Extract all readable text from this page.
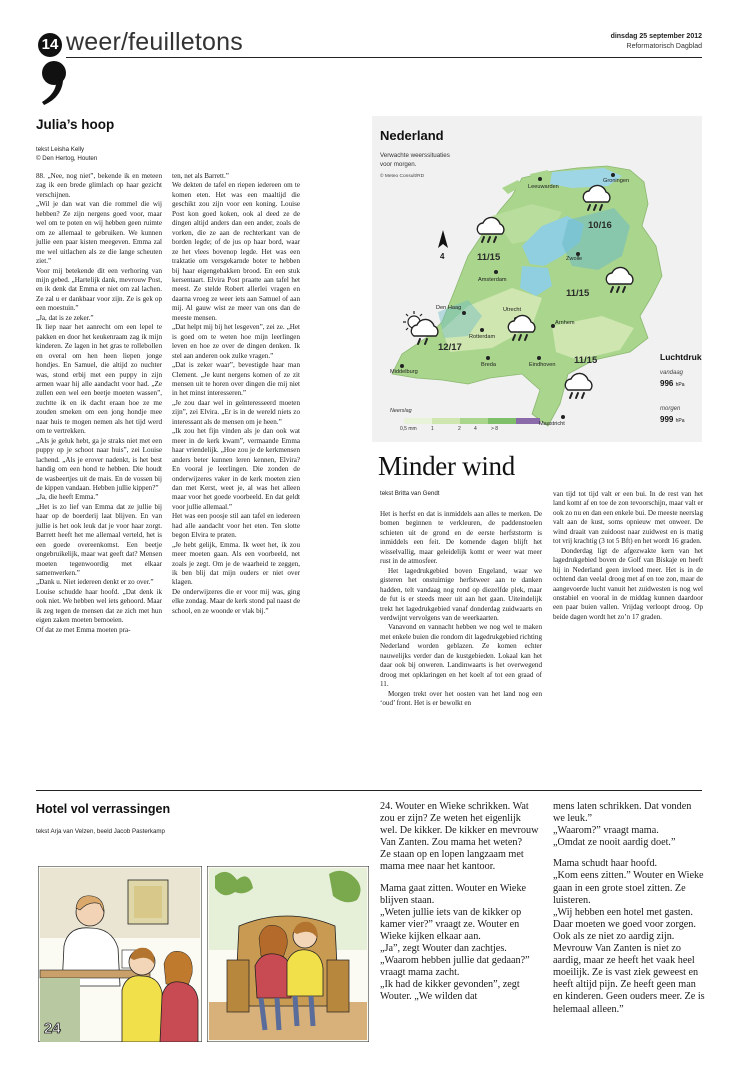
14 weer/feuilletons	dinsdag 25 september 2012
Reformatorisch Dagblad
Julia’s hoop
tekst Leisha Kelly
© Den Hertog, Houten

88. „Nee, nog niet”, bekende ik en meteen zag ik een brede glimlach op haar gezicht verschijnen.

„Wil je dan wat van die rommel die wij hebben? Ze zijn nergens goed voor, maar wel om te poten en wij hebben geen ruimte om ze allemaal te gebruiken. We kunnen jullie een paar kisten meegeven. Emma zal me wel uitlachen als ze die lange scheuten ziet.”

Voor mij betekende dit een verhoring van mijn gebed. „Hartelijk dank, mevrouw Post, en ik denk dat Emma er niet om zal lachen. Ze zal u er dankbaar voor zijn. Ze is gek op een moestuin.”

„Ja, dat is ze zeker.”

Ik liep naar het aanrecht om een lepel te pakken en door het keukenraam zag ik mijn kinderen. Ze lagen in het gras te rollebollen en overal om hen heen liepen jonge hondjes. En Samuel, die altijd zo nuchter was, stond erbij met een puppy in zijn armen waar hij alle aandacht voor had. „Ze zullen een wel een beetje moeten wassen”, zuchtte ik en ik dacht eraan hoe ze me zouden smeken om een jong hondje mee naar huis te mogen nemen als het tijd werd om te vertrekken.

„Als je geluk hebt, ga je straks niet met een puppy op je schoot naar huis”, zei Louise lachend. „Als je erover nadenkt, is het best handig om een hond te hebben. Die houdt de wasbeertjes uit de mais. En de vossen bij de kippen vandaan. Hebben jullie kippen?”

„Ja, die heeft Emma.”

„Het is zo lief van Emma dat ze jullie bij haar op de boerderij laat blijven. En van jullie is het ook leuk dat je voor haar zorgt. Barrett heeft het me allemaal verteld, het is een goede overeenkomst. Een beetje ongebruikelijk, maar wat geeft dat? Mensen moeten tegenwoordig met elkaar samenwerken.”

„Dank u. Niet iedereen denkt er zo over.”

Louise schudde haar hoofd. „Dat denk ik ook niet. We hebben wel iets gehoord. Maar ik zeg tegen de mensen dat ze zich met hun eigen zaken moeten bemoeien.

Of dat ze met Emma moeten pra-

ten, net als Barrett.”

We dekten de tafel en riepen iedereen om te komen eten. Het was een maaltijd die geschikt zou zijn voor een koning. Louise Post kon goed koken, ook al deed ze de dingen altijd anders dan een ander, zoals de vorken, die ze aan de rechterkant van de borden legde; of de jus op haar bord, waar ze het vlees bovenop legde. Het was een traktatie om versgekarnde boter te hebben bij haar eigengebakken brood. En een stuk kersentaart. Elvira Post praatte aan tafel het meest. Ze stelde Robert allerlei vragen en daarna vroeg ze weer iets aan Samuel of aan mij. Al gauw wist ze meer van ons dan de meeste mensen.

„Dat helpt mij bij het lesgeven”, zei ze. „Het is goed om te weten hoe mijn leerlingen leven en hoe ze over de dingen denken. Ik stel aan anderen ook zulke vragen.”

„Dat is zeker waar”, bevestigde haar man Clement. „Je kunt nergens komen of ze zit mensen uit te horen over dingen die mij niet in het minst interesseren.”

„Je zou daar wel in geïnteresseerd moeten zijn”, zei Elvira. „Er is in de wereld niets zo interessant als de mensen om je heen.”

„Ik zou het fijn vinden als je dan ook wat meer in de kerk kwam”, vermaande Emma haar vriendelijk. „Hoe zou je de kerkmensen anders beter kunnen leren kennen, Elvira? En vooral je leerlingen. Die zonden de onderwijzeres vaker in de kerk moeten zien dan met Kerst, weet je, al was het alleen maar voor het goede voorbeeld. En dat geldt voor jullie allemaal.”

Het was een poosje stil aan tafel en iedereen had alle aandacht voor het eten. Ten slotte begon Elvira te praten.

„Je hebt gelijk, Emma. Ik weet het, ik zou meer moeten gaan. Als een voorbeeld, net zoals je zegt. Om je de waarheid te zeggen, ik ben blij dat mijn ouders er niet over klagen.

De onderwijzeres die er voor mij was, ging elke zondag. Maar de kerk stond pal naast de school, en ze woonde er vlak bij.”

Nederland
Verwachte weerssituaties
voor morgen.
© Meteo Consult/RD
4
Leeuwarden
Groningen
Zwolle
Amsterdam
Den Haag	Utrecht
Rotterdam
Arnhem
Breda	Eindhoven
Middelburg
Maastricht
10/16
11/15
11/15
12/17
11/15
Neerslag
0,5 mm	1	2	4	> 8
Luchtdruk
vandaag
996 hPa
morgen
999 hPa
Minder wind
tekst Britta van Gendt

Het is herfst en dat is inmiddels aan alles te merken. De bomen beginnen te verkleuren, de paddenstoelen schieten uit de grond en de eerste herfststorm is inmiddels een feit. De komende dagen blijft het wisselvallig, maar geleidelijk komt er weer wat meer rust in de atmosfeer.

Het lagedrukgebied boven Engeland, waar we gisteren het onstuimige herfstweer aan te danken hadden, telt vandaag nog rond op diezelfde plek, maar de fut is er steeds meer uit aan het gaan. Uiteindelijk trekt het lagedrukgebied vanaf donderdag zuidwaarts en verdwijnt vervolgens van de weerkaarten.

Vanavond en vannacht hebben we nog wel te maken met enkele buien die rondom dit lagedrukgebied richting Nederland worden geblazen. Ze komen echter nauwelijks verder dan de kustgebieden. Lokaal kan het daar ook bij onweren. Landinwaarts is het overwegend droog met opklaringen en het koelt af tot een graad of 11.

Morgen trekt over het oosten van het land nog een ‘oud’ front. Het is er bewolkt en

van tijd tot tijd valt er een bui. In de rest van het land komt af en toe de zon tevoorschijn, maar valt er ook zo nu en dan een enkele bui. De meeste neerslag valt aan de kust, soms opnieuw met onweer. De wind draait van zuidoost naar zuidwest en is matig tot vrij krachtig (3 tot 5 Bft) en het wordt 16 graden.

Donderdag ligt de afgezwakte kern van het lagedrukgebied boven de Golf van Biskaje en heeft hij in Nederland geen invloed meer. Het is in de ochtend dan veelal droog met af en toe zon, maar de aangevoerde lucht vanuit het zuidwesten is nog wel onstabiel en vooral in de middag kunnen daardoor een paar buien vallen. Vrijdag verloopt droog. Op beide dagen wordt het zo’n 17 graden.

Hotel vol verrassingen
tekst Arja van Velzen, beeld Jacob Pasterkamp
24

24. Wouter en Wieke schrikken. Wat zou er zijn? Ze weten het eigenlijk wel. De kikker. De kikker en mevrouw Van Zanten. Zou mama het weten?

Ze staan op en lopen langzaam met mama mee naar het kantoor.

Mama gaat zitten. Wouter en Wieke blijven staan.

„Weten jullie iets van de kikker op kamer vier?” vraagt ze. Wouter en Wieke kijken elkaar aan.

„Ja”, zegt Wouter dan zachtjes.

„Waarom hebben jullie dat gedaan?” vraagt mama zacht.

„Ik had de kikker gevonden”, zegt Wouter. „We wilden dat

mens laten schrikken. Dat vonden we leuk.”

„Waarom?” vraagt mama.

„Omdat ze nooit aardig doet.”

Mama schudt haar hoofd.

„Kom eens zitten.” Wouter en Wieke gaan in een grote stoel zitten. Ze luisteren.

„Wij hebben een hotel met gasten. Daar moeten we goed voor zorgen. Ook als ze niet zo aardig zijn.

Mevrouw Van Zanten is niet zo aardig, maar ze heeft het vaak heel moeilijk. Ze is vast ziek geweest en heeft altijd pijn. Ze heeft geen man en kinderen. Geen ouders meer. Ze is helemaal alleen.”
